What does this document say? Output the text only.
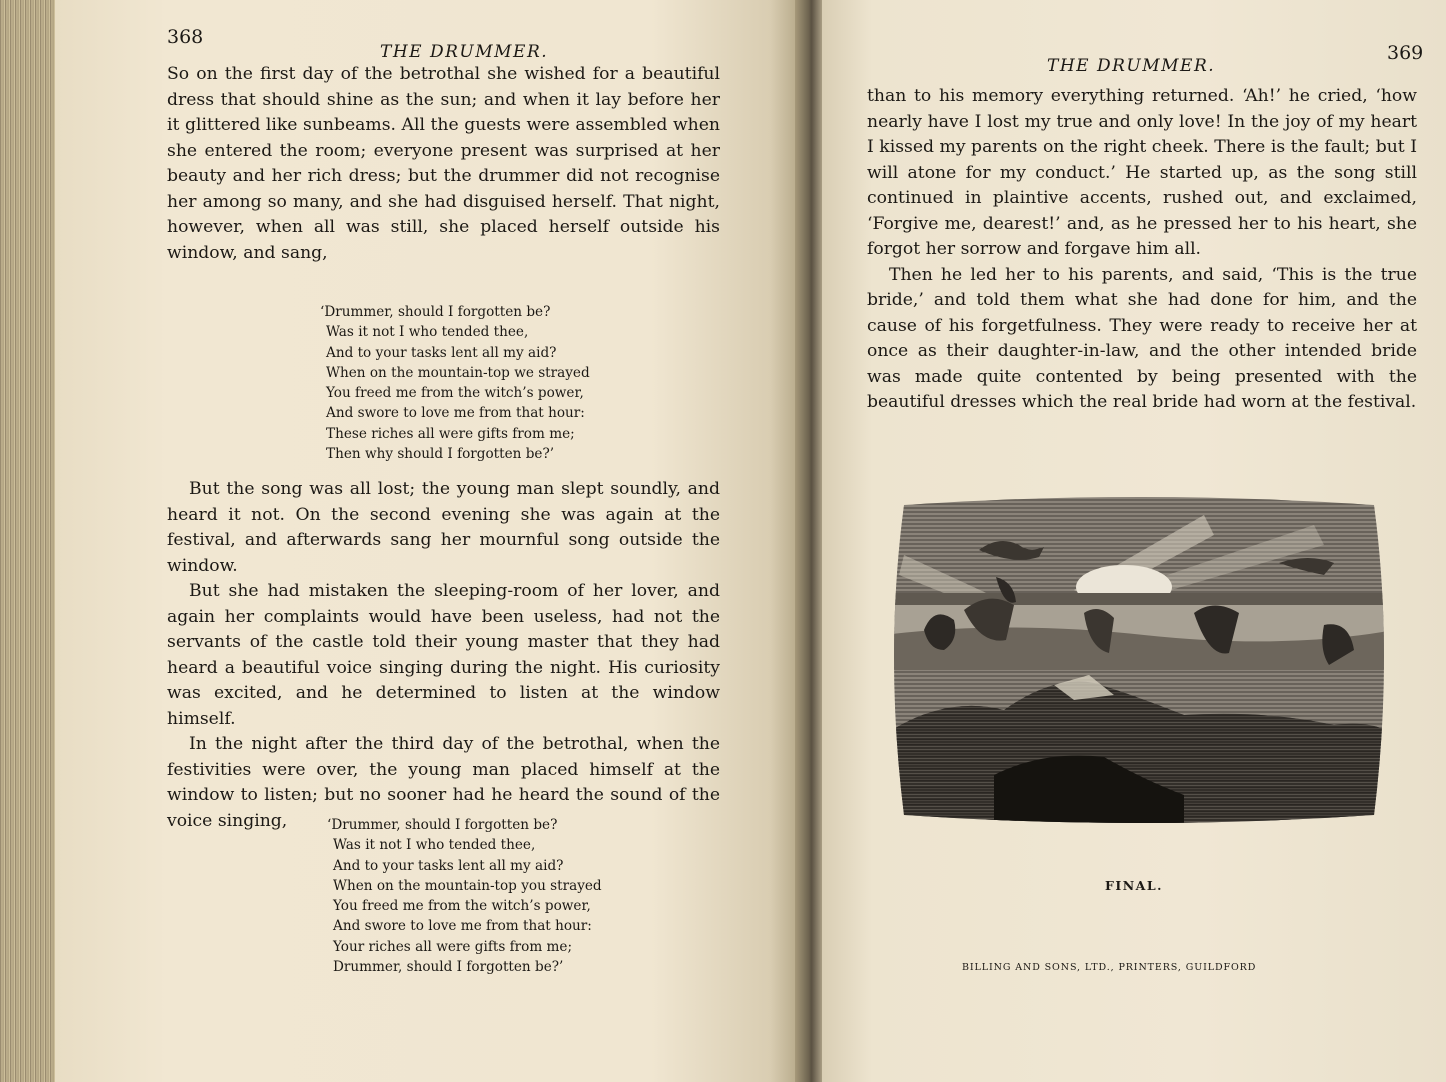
368

THE DRUMMER.

So on the first day of the betrothal she wished for a beautiful dress that should shine as the sun; and when it lay before her it glittered like sunbeams. All the guests were assembled when she entered the room; everyone present was surprised at her beauty and her rich dress; but the drummer did not recognise her among so many, and she had disguised herself. That night, however, when all was still, she placed herself outside his window, and sang,

‘Drummer, should I forgotten be?
Was it not I who tended thee,
And to your tasks lent all my aid?
When on the mountain-top we strayed
You freed me from the witch’s power,
And swore to love me from that hour:
These riches all were gifts from me;
Then why should I forgotten be?’

But the song was all lost; the young man slept soundly, and heard it not. On the second evening she was again at the festival, and afterwards sang her mournful song outside the window.

But she had mistaken the sleeping-room of her lover, and again her complaints would have been useless, had not the servants of the castle told their young master that they had heard a beautiful voice singing during the night. His curiosity was excited, and he determined to listen at the window himself.

In the night after the third day of the betrothal, when the festivities were over, the young man placed himself at the window to listen; but no sooner had he heard the sound of the voice singing,	‘Drummer, should I forgotten be?
Was it not I who tended thee,
And to your tasks lent all my aid?
When on the mountain-top you strayed
You freed me from the witch’s power,
And swore to love me from that hour:
Your riches all were gifts from me;
Drummer, should I forgotten be?’

369

THE DRUMMER.

than to his memory everything returned. ‘Ah!’ he cried, ‘how nearly have I lost my true and only love! In the joy of my heart I kissed my parents on the right cheek. There is the fault; but I will atone for my conduct.’ He started up, as the song still continued in plaintive accents, rushed out, and exclaimed, ‘Forgive me, dearest!’ and, as he pressed her to his heart, she forgot her sorrow and forgave him all.

Then he led her to his parents, and said, ‘This is the true bride,’ and told them what she had done for him, and the cause of his forgetfulness. They were ready to receive her at once as their daughter-in-law, and the other intended bride was made quite contented by being presented with the beautiful dresses which the real bride had worn at the festival.

FINAL.

BILLING AND SONS, LTD., PRINTERS, GUILDFORD
